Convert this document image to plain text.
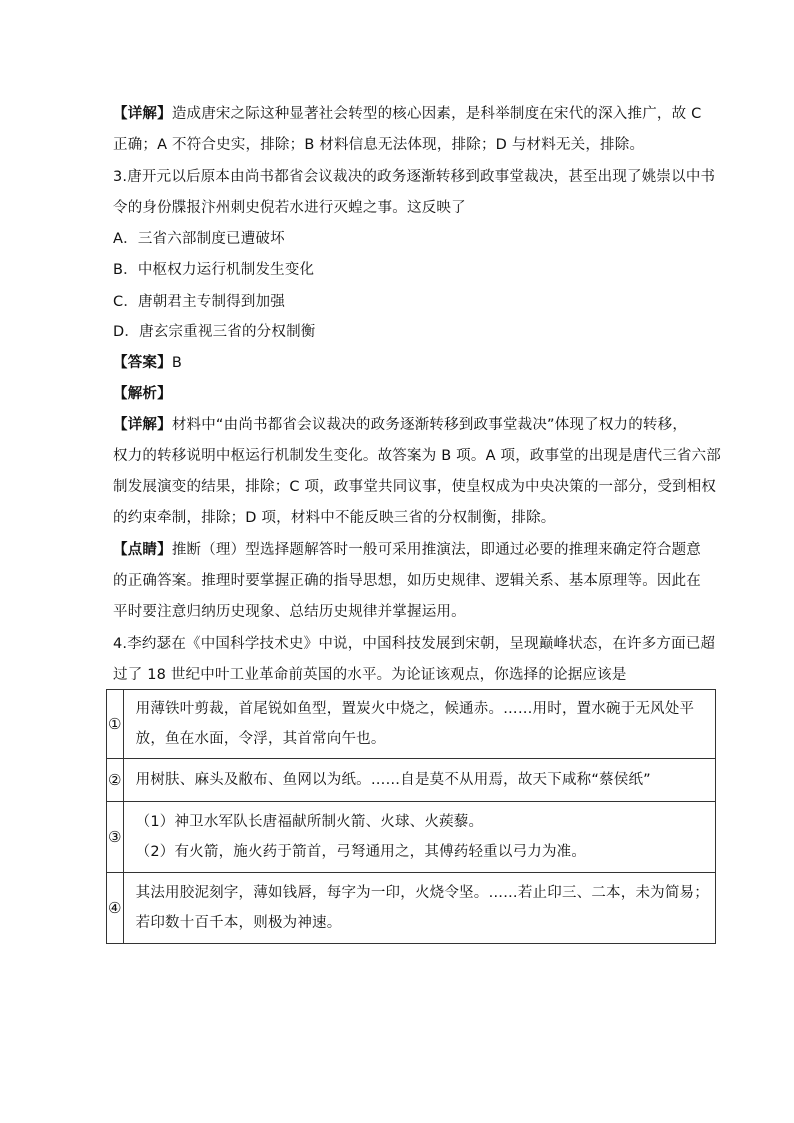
【详解】造成唐宋之际这种显著社会转型的核心因素，是科举制度在宋代的深入推广，故 C
正确；A 不符合史实，排除；B 材料信息无法体现，排除；D 与材料无关，排除。
3.唐开元以后原本由尚书都省会议裁决的政务逐渐转移到政事堂裁决，甚至出现了姚崇以中书
令的身份牒报汴州刺史倪若水进行灭蝗之事。这反映了
A．三省六部制度已遭破坏
B．中枢权力运行机制发生变化
C．唐朝君主专制得到加强
D．唐玄宗重视三省的分权制衡
【答案】B
【解析】
【详解】材料中“由尚书都省会议裁决的政务逐渐转移到政事堂裁决”体现了权力的转移，
权力的转移说明中枢运行机制发生变化。故答案为 B 项。A 项，政事堂的出现是唐代三省六部
制发展演变的结果，排除；C 项，政事堂共同议事，使皇权成为中央决策的一部分，受到相权
的约束牵制，排除；D 项，材料中不能反映三省的分权制衡，排除。
【点睛】推断（理）型选择题解答时一般可采用推演法，即通过必要的推理来确定符合题意
的正确答案。推理时要掌握正确的指导思想，如历史规律、逻辑关系、基本原理等。因此在
平时要注意归纳历史现象、总结历史规律并掌握运用。
4.李约瑟在《中国科学技术史》中说，中国科技发展到宋朝，呈现巅峰状态，在许多方面已超
过了 18 世纪中叶工业革命前英国的水平。为论证该观点，你选择的论据应该是
①	用薄铁叶剪裁，首尾锐如鱼型，置炭火中烧之，候通赤。……用时，置水碗于无风处平
放，鱼在水面，令浮，其首常向午也。

②	用树肤、麻头及敝布、鱼网以为纸。……自是莫不从用焉，故天下咸称“蔡侯纸”

③	（1）神卫水军队长唐福献所制火箭、火球、火蒺藜。
（2）有火箭，施火药于箭首，弓弩通用之，其傅药轻重以弓力为准。

④	其法用胶泥刻字，薄如钱唇，每字为一印，火烧令坚。……若止印三、二本，未为简易；
若印数十百千本，则极为神速。
